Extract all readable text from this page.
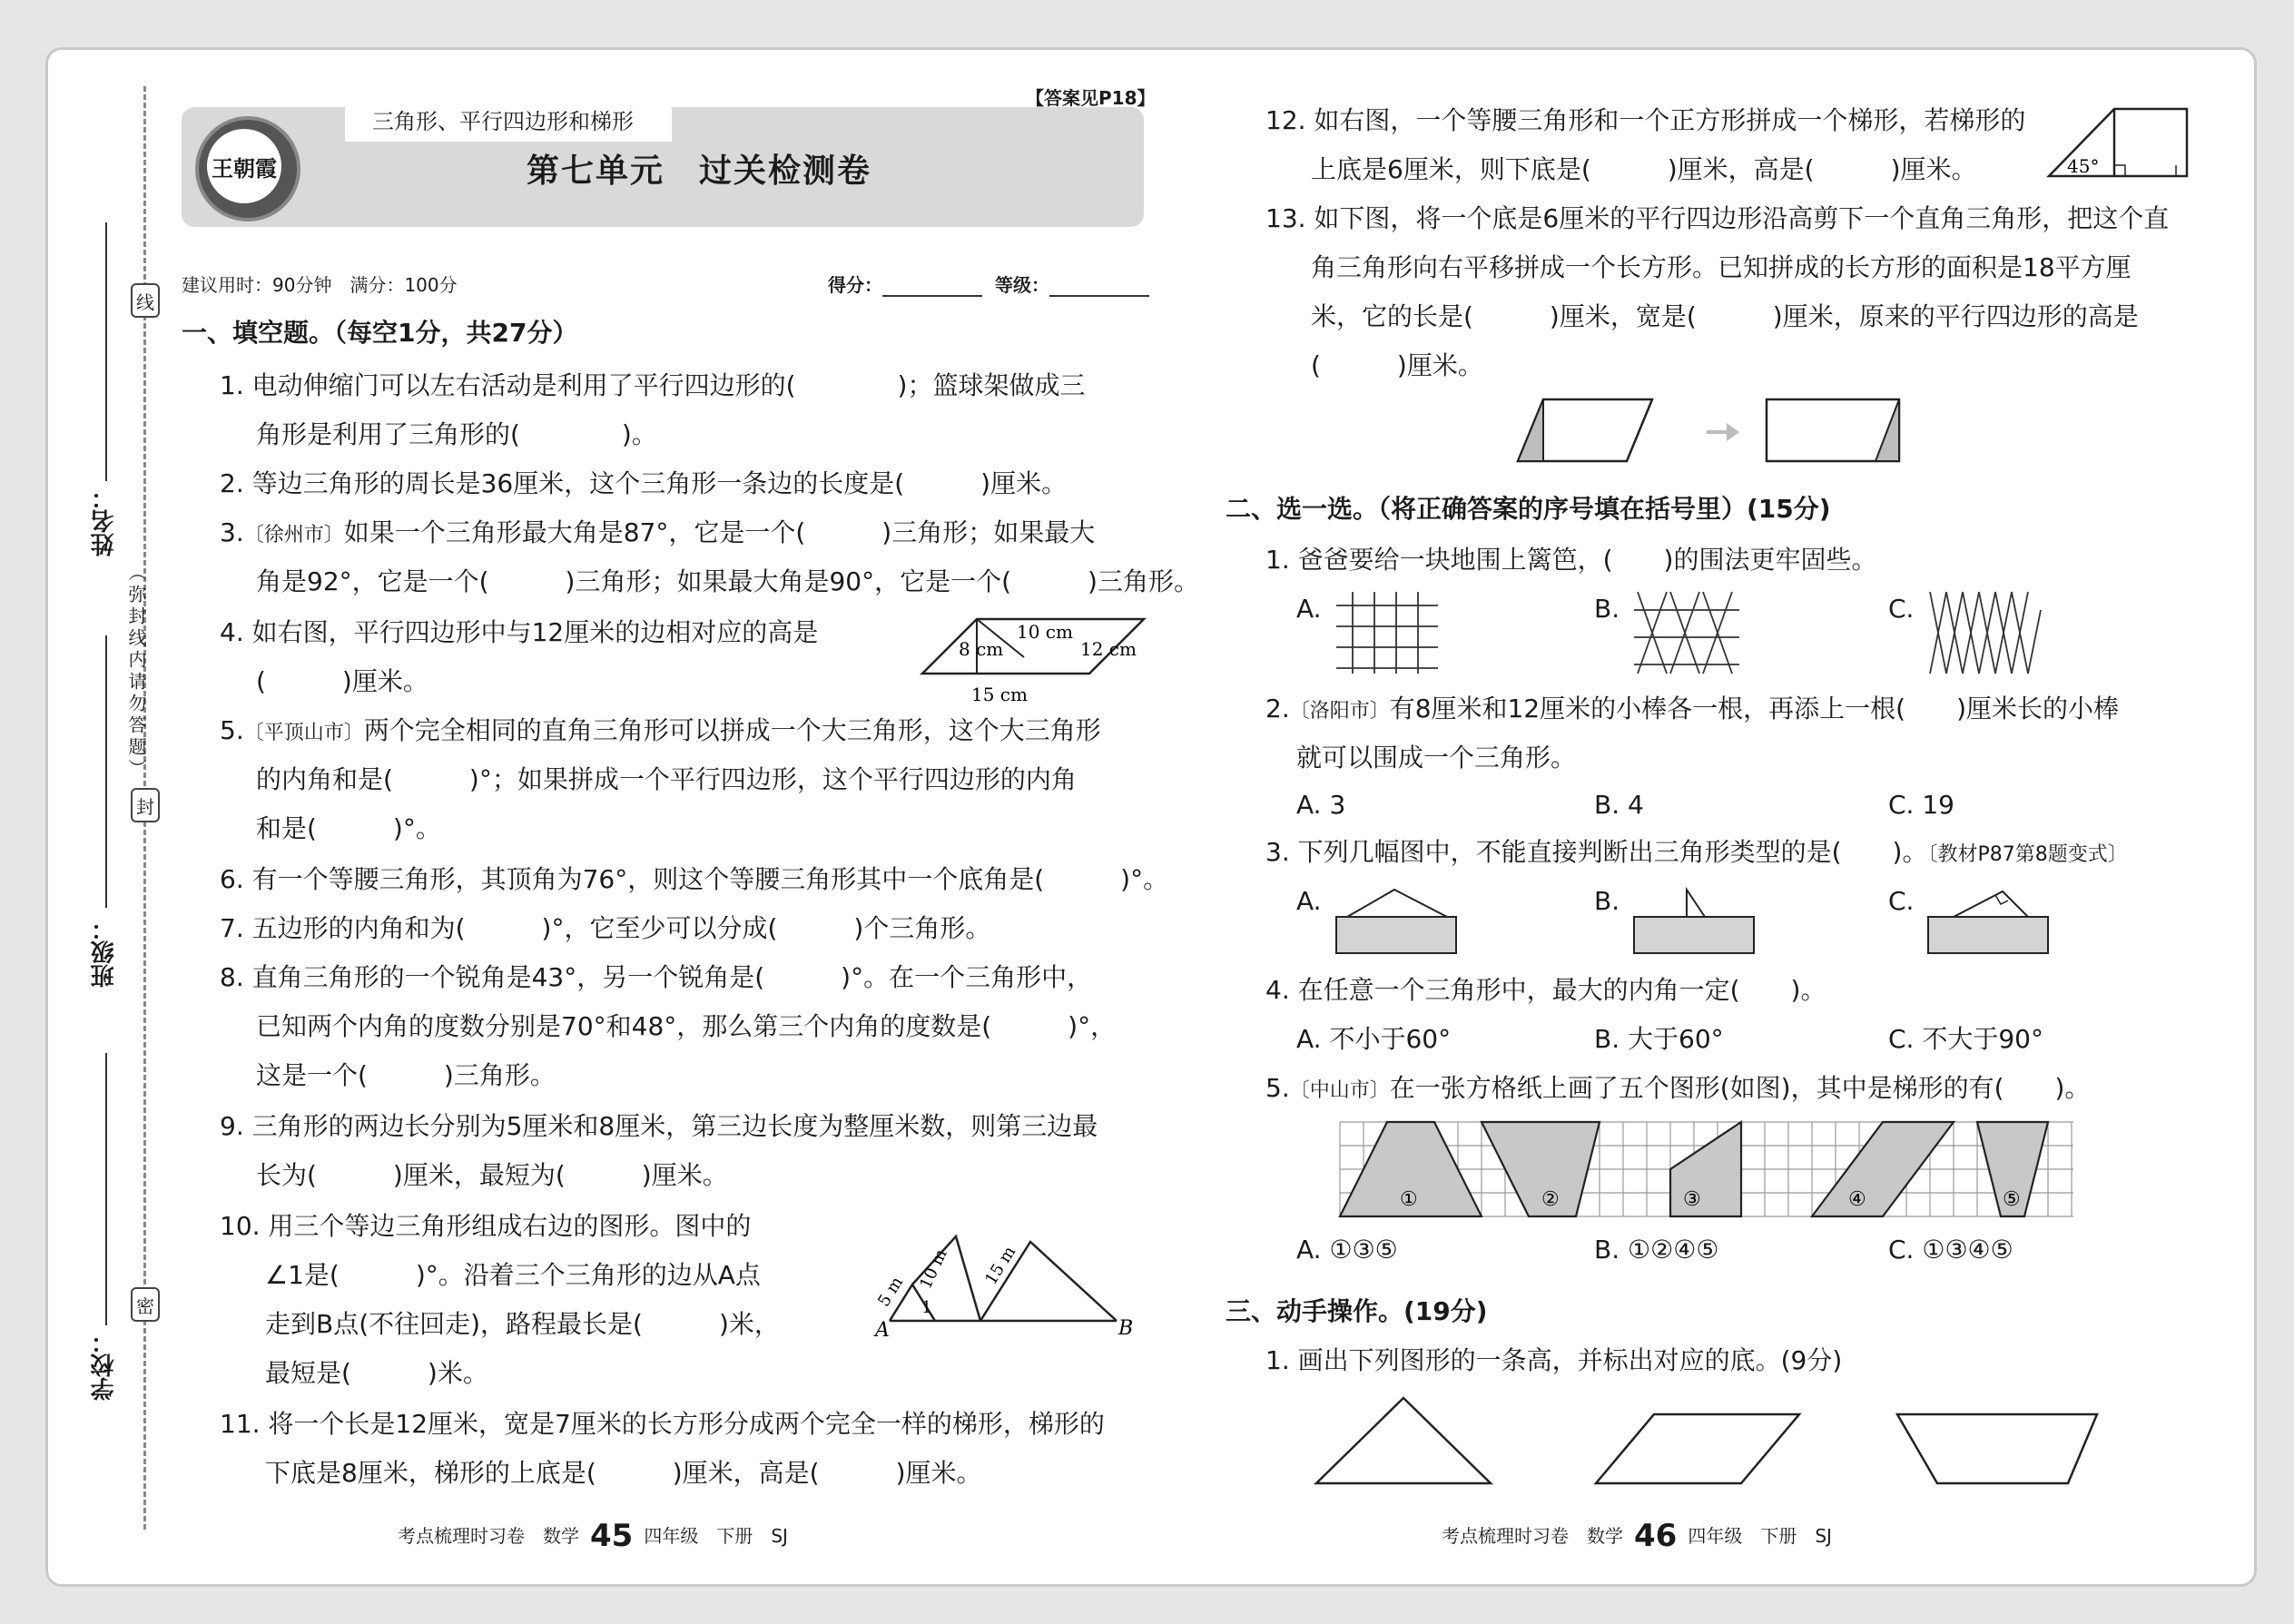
线
封
密
（弥封线内请勿答题）
姓名：
班级：
学校：
三角形、平行四边形和梯形
【答案见P18】
第七单元　过关检测卷
王朝霞
建议用时：90分钟　满分：100分	得分：	等级：
一、填空题。（每空1分，共27分）
1. 电动伸缩门可以左右活动是利用了平行四边形的(　　　　)；篮球架做成三
角形是利用了三角形的(　　　　)。
2. 等边三角形的周长是36厘米，这个三角形一条边的长度是(　　　)厘米。
3.〔徐州市〕如果一个三角形最大角是87°，它是一个(　　　)三角形；如果最大
角是92°，它是一个(　　　)三角形；如果最大角是90°，它是一个(　　　)三角形。
4. 如右图，平行四边形中与12厘米的边相对应的高是
(　　　)厘米。
10 cm
8 cm	12 cm
15 cm
5.〔平顶山市〕两个完全相同的直角三角形可以拼成一个大三角形，这个大三角形
的内角和是(　　　)°；如果拼成一个平行四边形，这个平行四边形的内角
和是(　　　)°。
6. 有一个等腰三角形，其顶角为76°，则这个等腰三角形其中一个底角是(　　　)°。
7. 五边形的内角和为(　　　)°，它至少可以分成(　　　)个三角形。
8. 直角三角形的一个锐角是43°，另一个锐角是(　　　)°。在一个三角形中，
已知两个内角的度数分别是70°和48°，那么第三个内角的度数是(　　　)°，
这是一个(　　　)三角形。
9. 三角形的两边长分别为5厘米和8厘米，第三边长度为整厘米数，则第三边最
长为(　　　)厘米，最短为(　　　)厘米。
10. 用三个等边三角形组成右边的图形。图中的
∠1是(　　　)°。沿着三个三角形的边从A点
走到B点(不往回走)，路程最长是(　　　)米，
最短是(　　　)米。
A	B
1
5 m 10 m 15 m
11. 将一个长是12厘米，宽是7厘米的长方形分成两个完全一样的梯形，梯形的
下底是8厘米，梯形的上底是(　　　)厘米，高是(　　　)厘米。
考点梳理时习卷　数学 45 四年级　下册　SJ
12. 如右图，一个等腰三角形和一个正方形拼成一个梯形，若梯形的
上底是6厘米，则下底是(　　　)厘米，高是(　　　)厘米。	45°
13. 如下图，将一个底是6厘米的平行四边形沿高剪下一个直角三角形，把这个直
角三角形向右平移拼成一个长方形。已知拼成的长方形的面积是18平方厘
米，它的长是(　　　)厘米，宽是(　　　)厘米，原来的平行四边形的高是
(　　　)厘米。
二、选一选。（将正确答案的序号填在括号里）(15分)
1. 爸爸要给一块地围上篱笆，(　　)的围法更牢固些。
A.	B.	C.
2.〔洛阳市〕有8厘米和12厘米的小棒各一根，再添上一根(　　)厘米长的小棒
就可以围成一个三角形。
A. 3	B. 4	C. 19
3. 下列几幅图中，不能直接判断出三角形类型的是(　　)。〔教材P87第8题变式〕
A.	B.	C.
4. 在任意一个三角形中，最大的内角一定(　　)。
A. 不小于60°	B. 大于60°	C. 不大于90°
5.〔中山市〕在一张方格纸上画了五个图形(如图)，其中是梯形的有(　　)。
①	②	③	④	⑤
A. ①③⑤	B. ①②④⑤	C. ①③④⑤
三、动手操作。(19分)
1. 画出下列图形的一条高，并标出对应的底。(9分)
考点梳理时习卷　数学 46 四年级　下册　SJ
